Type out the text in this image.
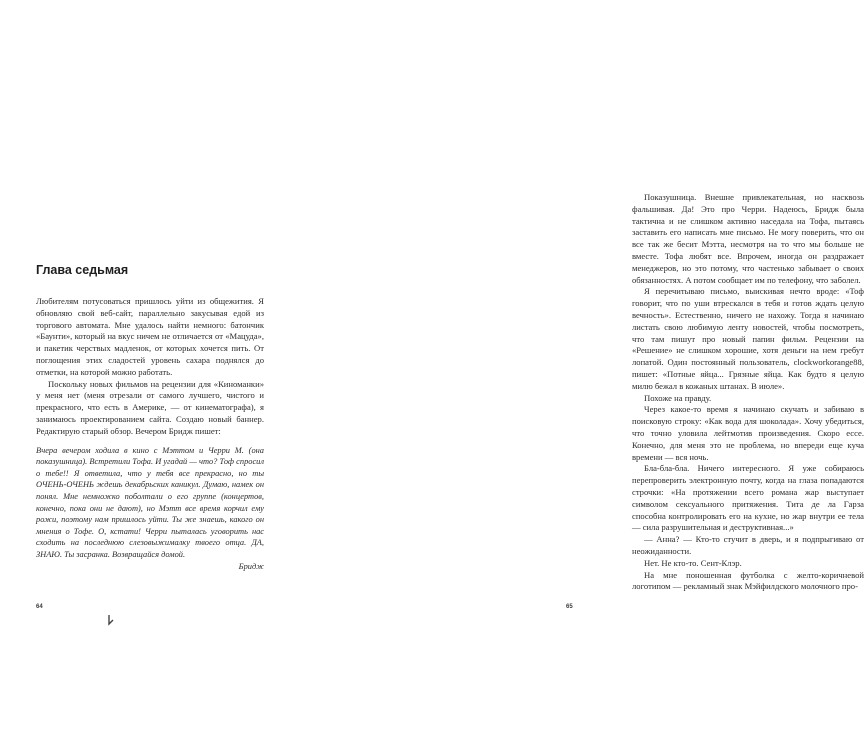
Глава седьмая

Любителям потусоваться пришлось уйти из общежития. Я обновляю свой веб-сайт, параллельно закусывая едой из торгового автомата. Мне удалось найти немного: батончик «Баунти», который на вкус ничем не отличается от «Мацуда», и пакетик черствых мадленок, от которых хочется пить. От поглощения этих сладостей уровень сахара поднялся до отметки, на которой можно работать.

Поскольку новых фильмов на рецензии для «Киноманки» у меня нет (меня отрезали от самого лучшего, чистого и прекрасного, что есть в Америке, — от кинематографа), я занимаюсь проектированием сайта. Создаю новый баннер. Редактирую старый обзор. Вечером Бридж пишет:

Вчера вечером ходила в кино с Мэттом и Черри М. (она показушница). Встретили Тофа. И угадай — что? Тоф спросил о тебе!! Я ответила, что у тебя все прекрасно, но ты ОЧЕНЬ-ОЧЕНЬ ждешь декабрьских каникул. Думаю, намек он понял. Мне немножко поболтали о его группе (концертов, конечно, пока они не дают), но Мэтт все время корчил ему рожи, поэтому нам пришлось уйти. Ты же знаешь, какого он мнения о Тофе. О, кстати! Черри пыталась уговорить нас сходить на последнюю слезовыжималку твоего отца. ДА, ЗНАЮ. Ты засранка. Возвращайся домой.

Бридж

64

Показушница. Внешне привлекательная, но насквозь фальшивая. Да! Это про Черри. Надеюсь, Бридж была тактична и не слишком активно наседала на Тофа, пытаясь заставить его написать мне письмо. Не могу поверить, что он все так же бесит Мэтта, несмотря на то что мы больше не вместе. Тофа любят все. Впрочем, иногда он раздражает менеджеров, но это потому, что частенько забывает о своих обязанностях. А потом сообщает им по телефону, что заболел.

Я перечитываю письмо, выискивая нечто вроде: «Тоф говорит, что по уши втрескался в тебя и готов ждать целую вечность». Естественно, ничего не нахожу. Тогда я начинаю листать свою любимую ленту новостей, чтобы посмотреть, что там пишут про новый папин фильм. Рецензии на «Решение» не слишком хорошие, хотя деньги на нем гребут лопатой. Один постоянный пользователь, clockworkorange88, пишет: «Потные яйца... Грязные яйца. Как будто я целую милю бежал в кожаных штанах. В июле».

Похоже на правду.

Через какое-то время я начинаю скучать и забиваю в поисковую строку: «Как вода для шоколада». Хочу убедиться, что точно уловила лейтмотив произведения. Скоро ессе. Конечно, для меня это не проблема, но впереди еще куча времени — вся ночь.

Бла-бла-бла. Ничего интересного. Я уже собираюсь перепроверить электронную почту, когда на глаза попадаются строчки: «На протяжении всего романа жар выступает символом сексуального притяжения. Тита де ла Гарза способна контролировать его на кухне, но жар внутри ее тела — сила разрушительная и деструктивная...»

— Анна? — Кто-то стучит в дверь, и я подпрыгиваю от неожиданности.

Нет. Не кто-то. Сент-Клэр.

На мне поношенная футболка с желто-коричневой логотипом — рекламный знак Мэйфилдского молочного про-

65
